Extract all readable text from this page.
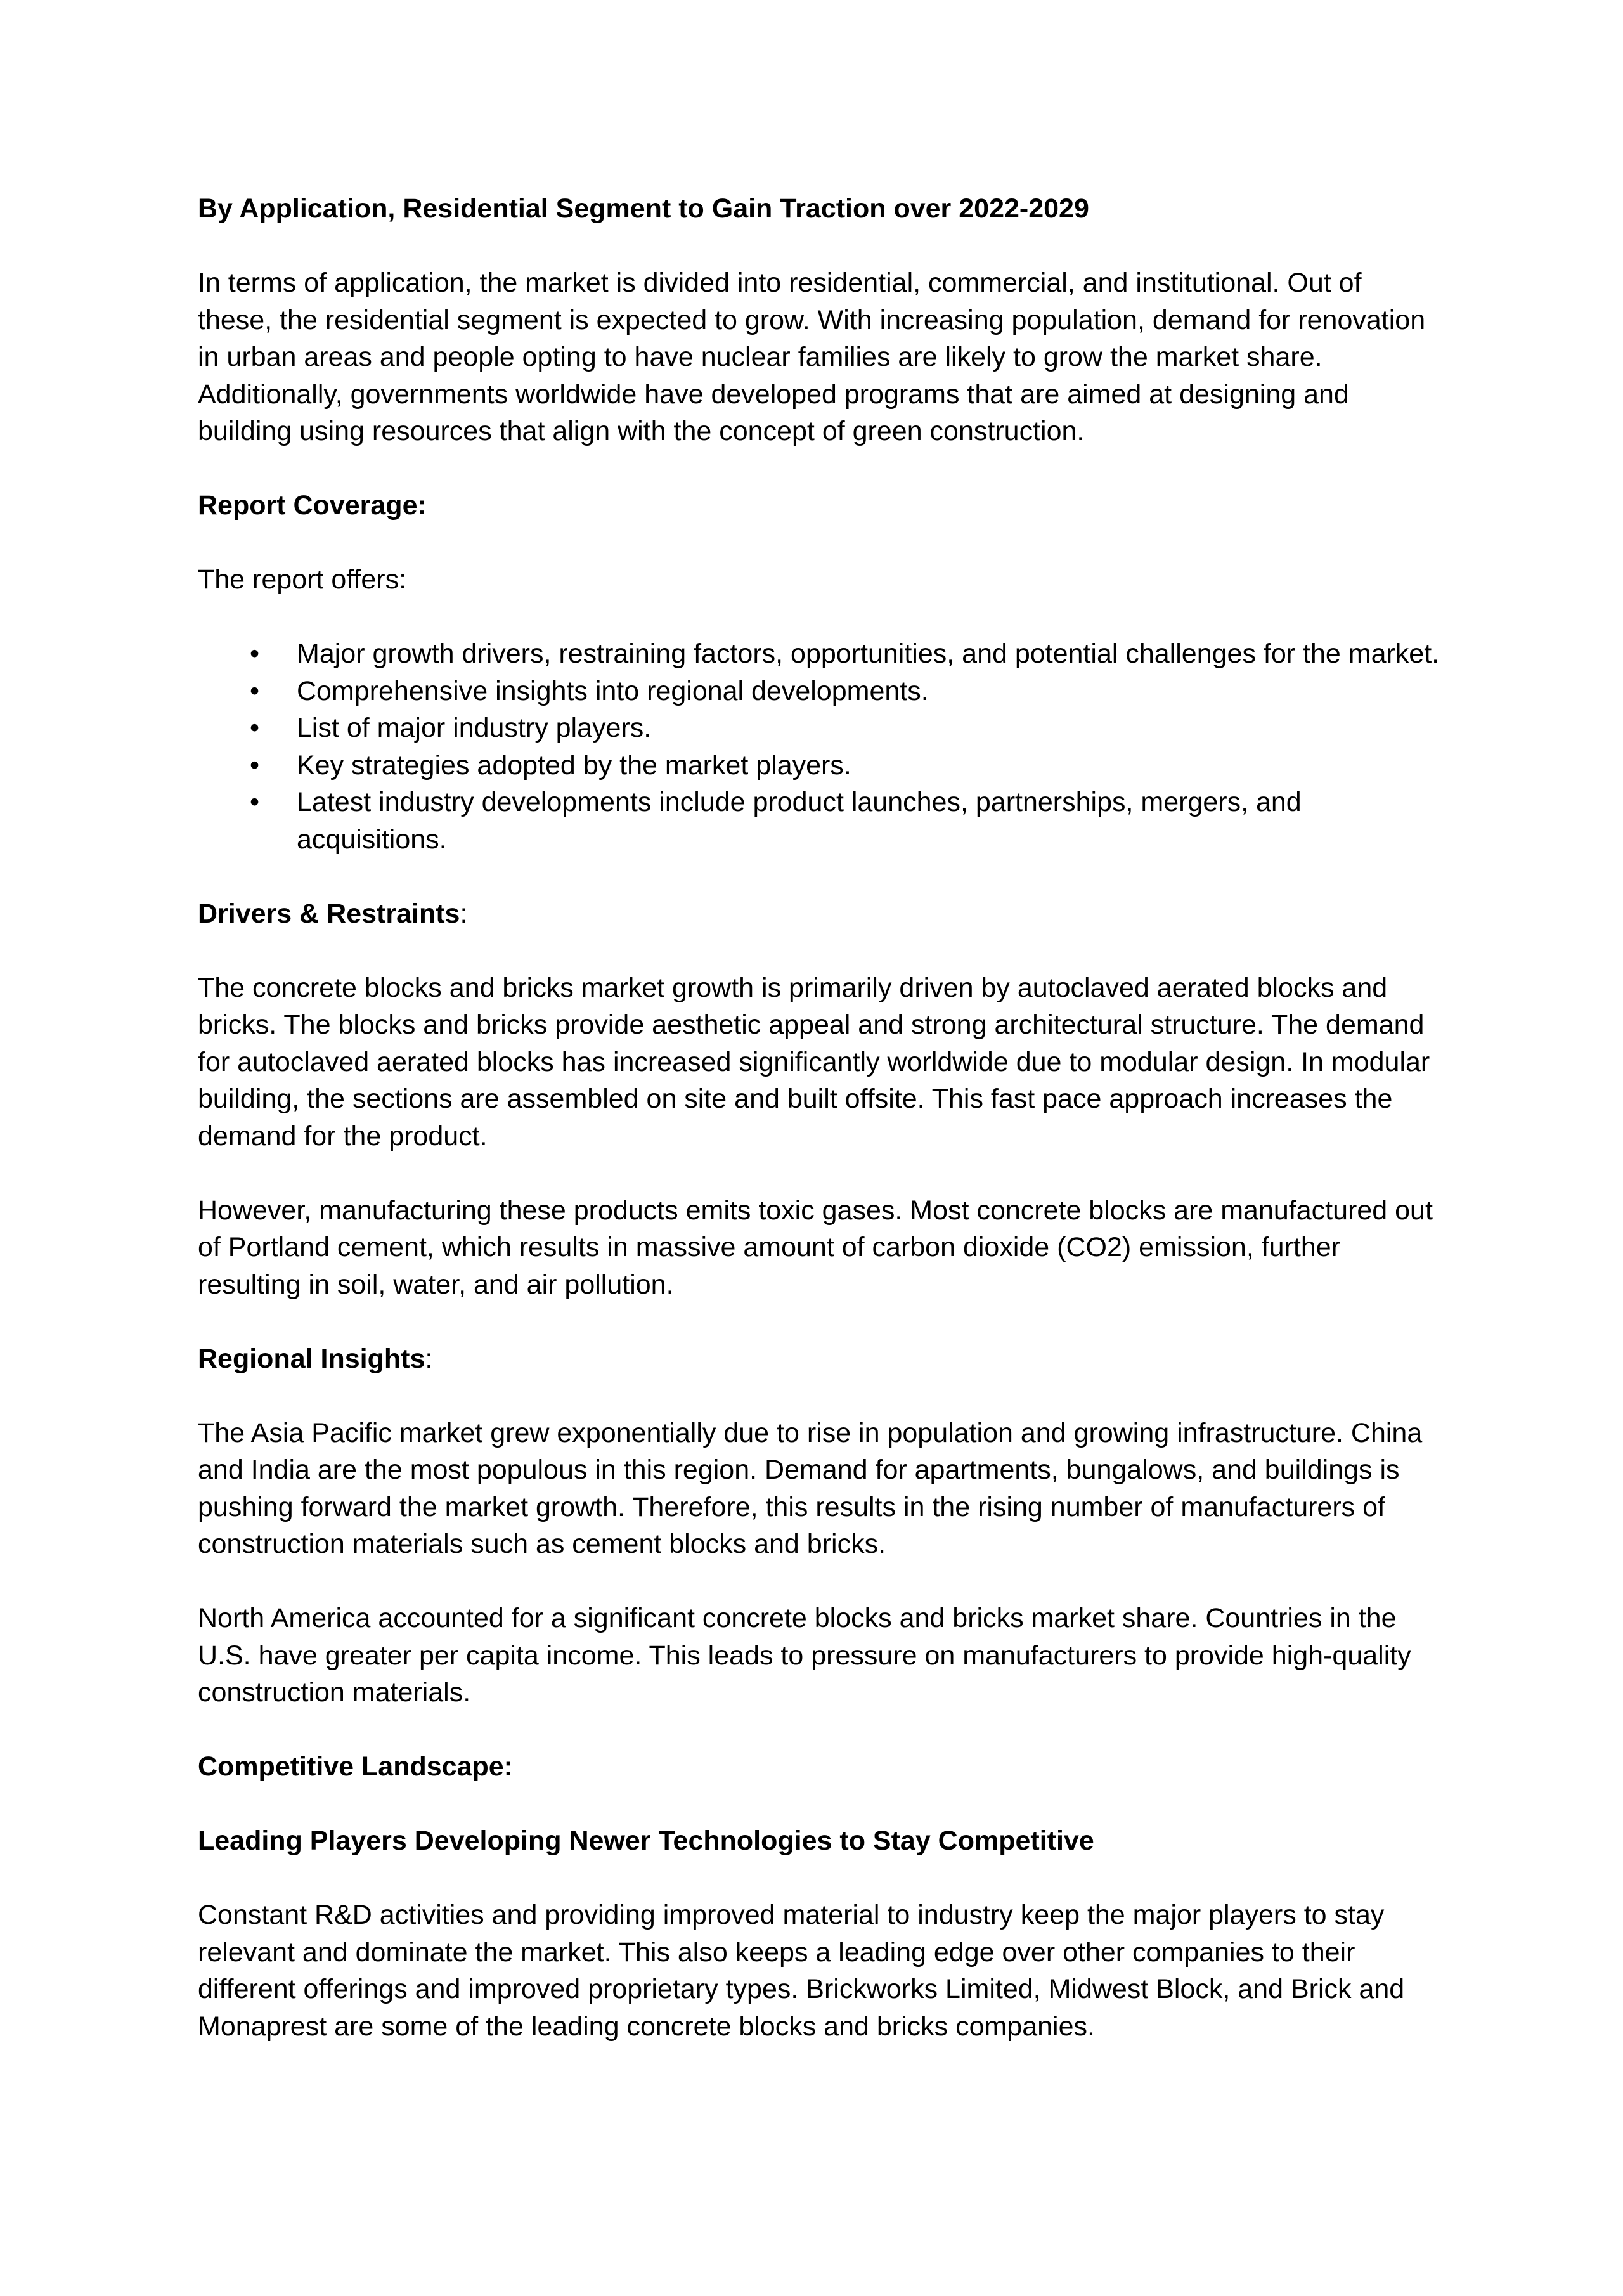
By Application, Residential Segment to Gain Traction over 2022-2029

In terms of application, the market is divided into residential, commercial, and institutional. Out of these, the residential segment is expected to grow. With increasing population, demand for renovation in urban areas and people opting to have nuclear families are likely to grow the market share. Additionally, governments worldwide have developed programs that are aimed at designing and building using resources that align with the concept of green construction.

Report Coverage:

The report offers:

• Major growth drivers, restraining factors, opportunities, and potential challenges for the market.
• Comprehensive insights into regional developments.
• List of major industry players.
• Key strategies adopted by the market players.
• Latest industry developments include product launches, partnerships, mergers, and acquisitions.

Drivers & Restraints:

The concrete blocks and bricks market growth is primarily driven by autoclaved aerated blocks and bricks. The blocks and bricks provide aesthetic appeal and strong architectural structure. The demand for autoclaved aerated blocks has increased significantly worldwide due to modular design. In modular building, the sections are assembled on site and built offsite. This fast pace approach increases the demand for the product.

However, manufacturing these products emits toxic gases. Most concrete blocks are manufactured out of Portland cement, which results in massive amount of carbon dioxide (CO2) emission, further resulting in soil, water, and air pollution.

Regional Insights:

The Asia Pacific market grew exponentially due to rise in population and growing infrastructure. China and India are the most populous in this region. Demand for apartments, bungalows, and buildings is pushing forward the market growth. Therefore, this results in the rising number of manufacturers of construction materials such as cement blocks and bricks.

North America accounted for a significant concrete blocks and bricks market share. Countries in the U.S. have greater per capita income. This leads to pressure on manufacturers to provide high-quality construction materials.

Competitive Landscape:

Leading Players Developing Newer Technologies to Stay Competitive

Constant R&D activities and providing improved material to industry keep the major players to stay relevant and dominate the market. This also keeps a leading edge over other companies to their different offerings and improved proprietary types. Brickworks Limited, Midwest Block, and Brick and Monaprest are some of the leading concrete blocks and bricks companies.
